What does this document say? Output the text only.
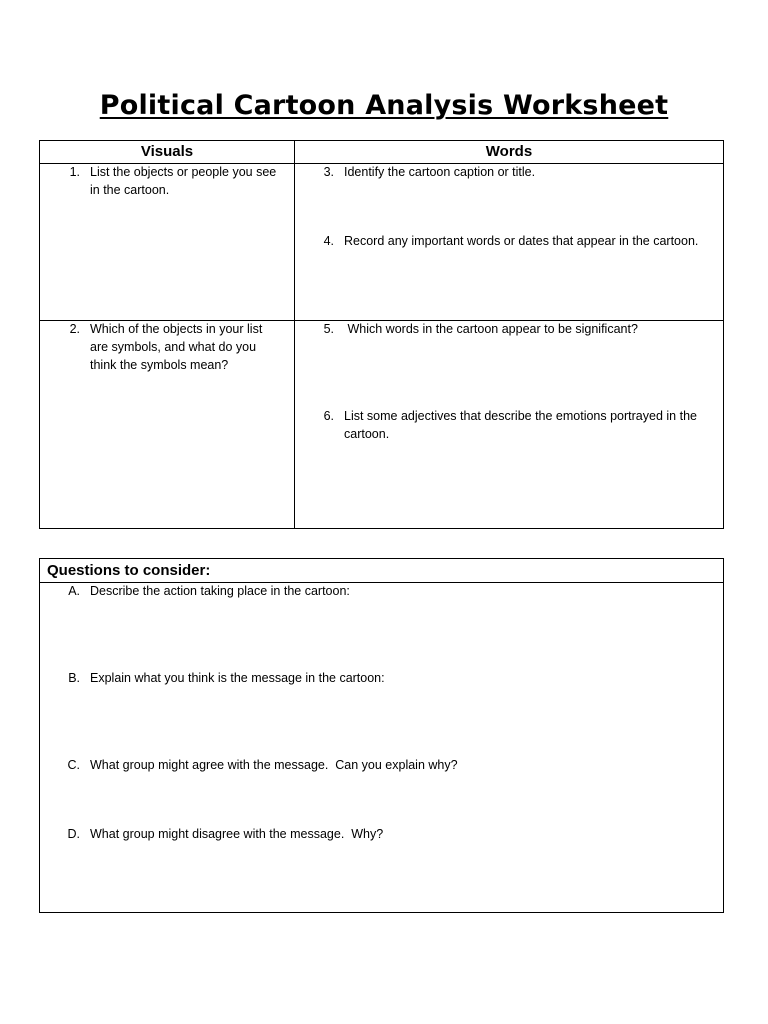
Political Cartoon Analysis Worksheet
Visuals	Words
1. List the objects or people you see
in the cartoon.
2. Which of the objects in your list
are symbols, and what do you
think the symbols mean?
3. Identify the cartoon caption or title.
4. Record any important words or dates that appear in the cartoon.
5. Which words in the cartoon appear to be significant?
6. List some adjectives that describe the emotions portrayed in the
cartoon.
Questions to consider:
A. Describe the action taking place in the cartoon:
B. Explain what you think is the message in the cartoon:
C. What group might agree with the message.  Can you explain why?
D. What group might disagree with the message.  Why?
